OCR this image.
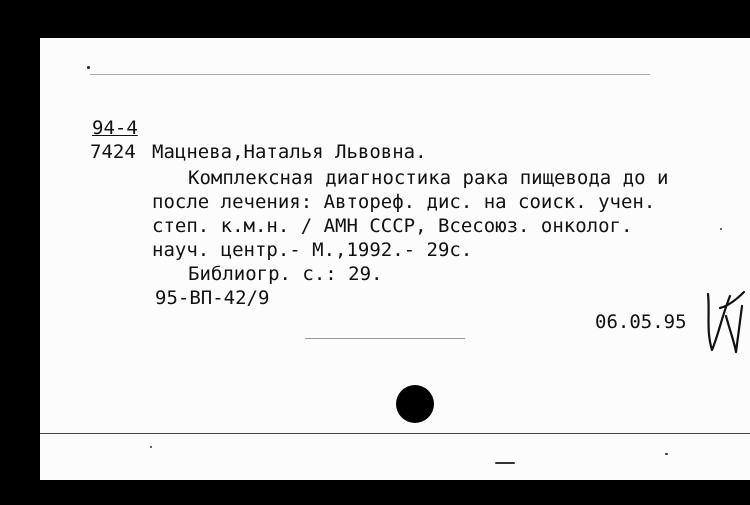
94-4
7424 Мацнева,Наталья Львовна.
Комплексная диагностика рака пищевода до и
после лечения: Автореф. дис. на соиск. учен.
степ. к.м.н. / АМН СССР, Всесоюз. онколог.
науч. центр.- М.,1992.- 29с.
Библиогр. с.: 29.
95-ВП-42/9
06.05.95
